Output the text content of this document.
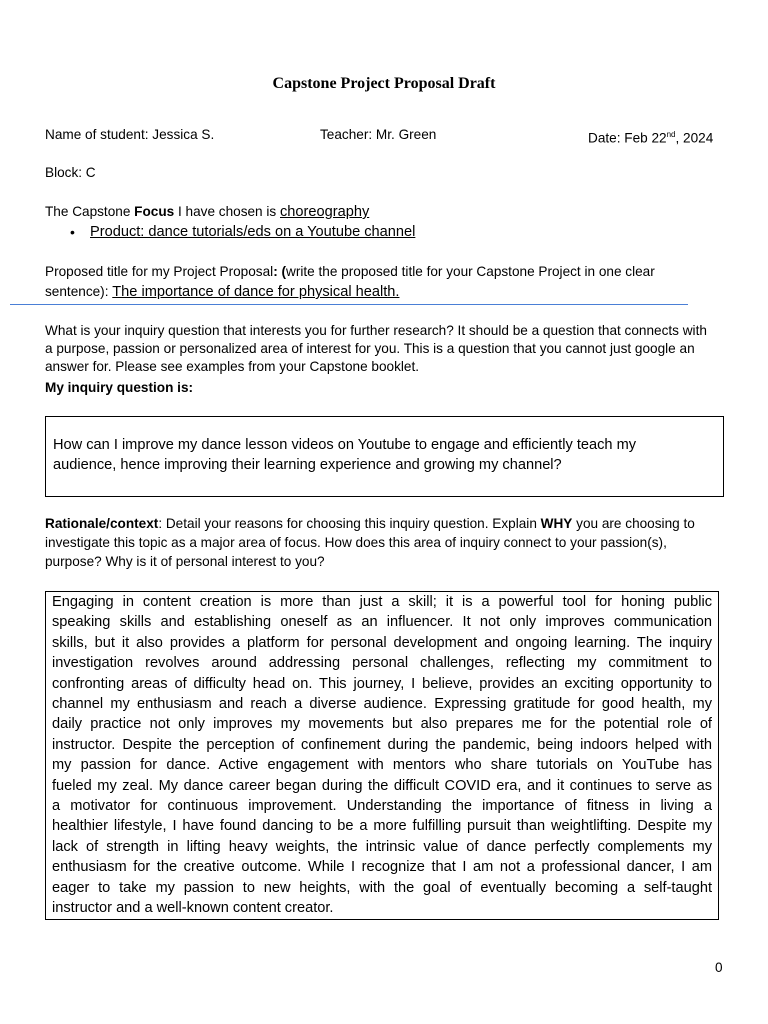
Capstone Project Proposal Draft
Name of student: Jessica S.	Teacher: Mr. Green	Date: Feb 22nd, 2024
Block: C
The Capstone Focus I have chosen is choreography
• Product: dance tutorials/eds on a Youtube channel
Proposed title for my Project Proposal: (write the proposed title for your Capstone Project in one clear
sentence): The importance of dance for physical health.
What is your inquiry question that interests you for further research? It should be a question that connects with
a purpose, passion or personalized area of interest for you. This is a question that you cannot just google an
answer for. Please see examples from your Capstone booklet.
My inquiry question is:
How can I improve my dance lesson videos on Youtube to engage and efficiently teach my
audience, hence improving their learning experience and growing my channel?
Rationale/context: Detail your reasons for choosing this inquiry question. Explain WHY you are choosing to
investigate this topic as a major area of focus. How does this area of inquiry connect to your passion(s),
purpose? Why is it of personal interest to you?
Engaging in content creation is more than just a skill; it is a powerful tool for honing public
speaking skills and establishing oneself as an influencer. It not only improves communication
skills, but it also provides a platform for personal development and ongoing learning. The inquiry
investigation revolves around addressing personal challenges, reflecting my commitment to
confronting areas of difficulty head on. This journey, I believe, provides an exciting opportunity to
channel my enthusiasm and reach a diverse audience. Expressing gratitude for good health, my
daily practice not only improves my movements but also prepares me for the potential role of
instructor. Despite the perception of confinement during the pandemic, being indoors helped with
my passion for dance. Active engagement with mentors who share tutorials on YouTube has
fueled my zeal. My dance career began during the difficult COVID era, and it continues to serve as
a motivator for continuous improvement. Understanding the importance of fitness in living a
healthier lifestyle, I have found dancing to be a more fulfilling pursuit than weightlifting. Despite my
lack of strength in lifting heavy weights, the intrinsic value of dance perfectly complements my
enthusiasm for the creative outcome. While I recognize that I am not a professional dancer, I am
eager to take my passion to new heights, with the goal of eventually becoming a self-taught
instructor and a well-known content creator.
0
